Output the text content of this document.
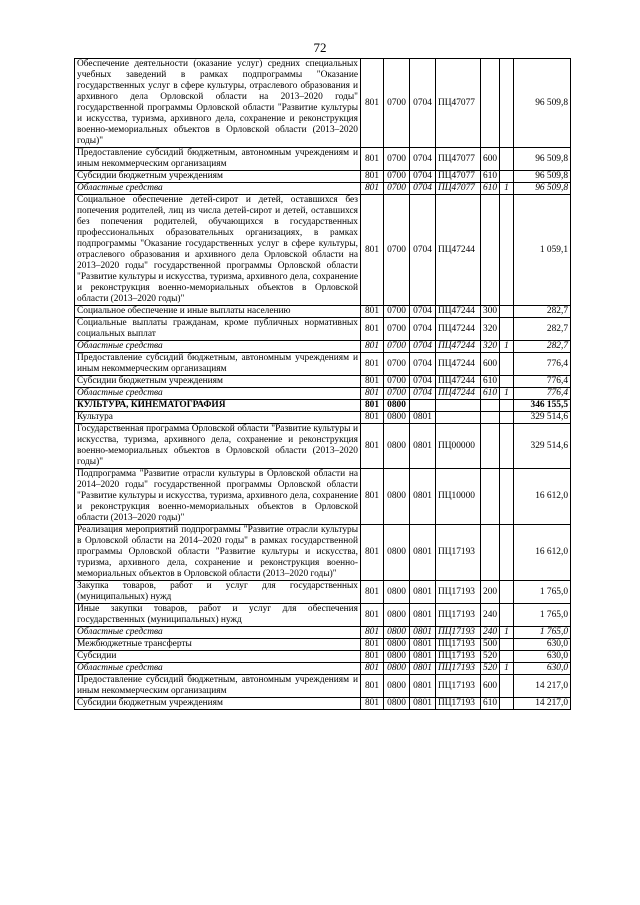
72
Обеспечение деятельности (оказание услуг) средних специальных учебных заведений в рамках подпрограммы "Оказание государственных услуг в сфере культуры, отраслевого образования и архивного дела Орловской области на 2013–2020 годы" государственной программы Орловской области "Развитие культуры и искусства, туризма, архивного дела, сохранение и реконструкция военно-мемориальных объектов в Орловской области (2013–2020 годы)"	801	0700	0704	ПЦ47077			96 509,8
Предоставление субсидий бюджетным, автономным учреждениям и иным некоммерческим организациям	801	0700	0704	ПЦ47077	600		96 509,8
Субсидии бюджетным учреждениям	801	0700	0704	ПЦ47077	610		96 509,8
Областные средства	801	0700	0704	ПЦ47077	610	1	96 509,8
Социальное обеспечение детей-сирот и детей, оставшихся без попечения родителей, лиц из числа детей-сирот и детей, оставшихся без попечения родителей, обучающихся в государственных профессиональных образовательных организациях, в рамках подпрограммы "Оказание государственных услуг в сфере культуры, отраслевого образования и архивного дела Орловской области на 2013–2020 годы" государственной программы Орловской области "Развитие культуры и искусства, туризма, архивного дела, сохранение и реконструкция военно-мемориальных объектов в Орловской области (2013–2020 годы)"	801	0700	0704	ПЦ47244			1 059,1
Социальное обеспечение и иные выплаты населению	801	0700	0704	ПЦ47244	300		282,7
Социальные выплаты гражданам, кроме публичных нормативных социальных выплат	801	0700	0704	ПЦ47244	320		282,7
Областные средства	801	0700	0704	ПЦ47244	320	1	282,7
Предоставление субсидий бюджетным, автономным учреждениям и иным некоммерческим организациям	801	0700	0704	ПЦ47244	600		776,4
Субсидии бюджетным учреждениям	801	0700	0704	ПЦ47244	610		776,4
Областные средства	801	0700	0704	ПЦ47244	610	1	776,4
КУЛЬТУРА, КИНЕМАТОГРАФИЯ	801	0800					346 155,5
Культура	801	0800	0801				329 514,6
Государственная программа Орловской области "Развитие культуры и искусства, туризма, архивного дела, сохранение и реконструкция военно-мемориальных объектов в Орловской области (2013–2020 годы)"	801	0800	0801	ПЦ00000			329 514,6
Подпрограмма "Развитие отрасли культуры в Орловской области на 2014–2020 годы" государственной программы Орловской области "Развитие культуры и искусства, туризма, архивного дела, сохранение и реконструкция военно-мемориальных объектов в Орловской области (2013–2020 годы)"	801	0800	0801	ПЦ10000			16 612,0
Реализация мероприятий подпрограммы "Развитие отрасли культуры в Орловской области на 2014–2020 годы" в рамках государственной программы Орловской области "Развитие культуры и искусства, туризма, архивного дела, сохранение и реконструкция военно-мемориальных объектов в Орловской области (2013–2020 годы)"	801	0800	0801	ПЦ17193			16 612,0
Закупка товаров, работ и услуг для государственных (муниципальных) нужд	801	0800	0801	ПЦ17193	200		1 765,0
Иные закупки товаров, работ и услуг для обеспечения государственных (муниципальных) нужд	801	0800	0801	ПЦ17193	240		1 765,0
Областные средства	801	0800	0801	ПЦ17193	240	1	1 765,0
Межбюджетные трансферты	801	0800	0801	ПЦ17193	500		630,0
Субсидии	801	0800	0801	ПЦ17193	520		630,0
Областные средства	801	0800	0801	ПЦ17193	520	1	630,0
Предоставление субсидий бюджетным, автономным учреждениям и иным некоммерческим организациям	801	0800	0801	ПЦ17193	600		14 217,0
Субсидии бюджетным учреждениям	801	0800	0801	ПЦ17193	610		14 217,0
